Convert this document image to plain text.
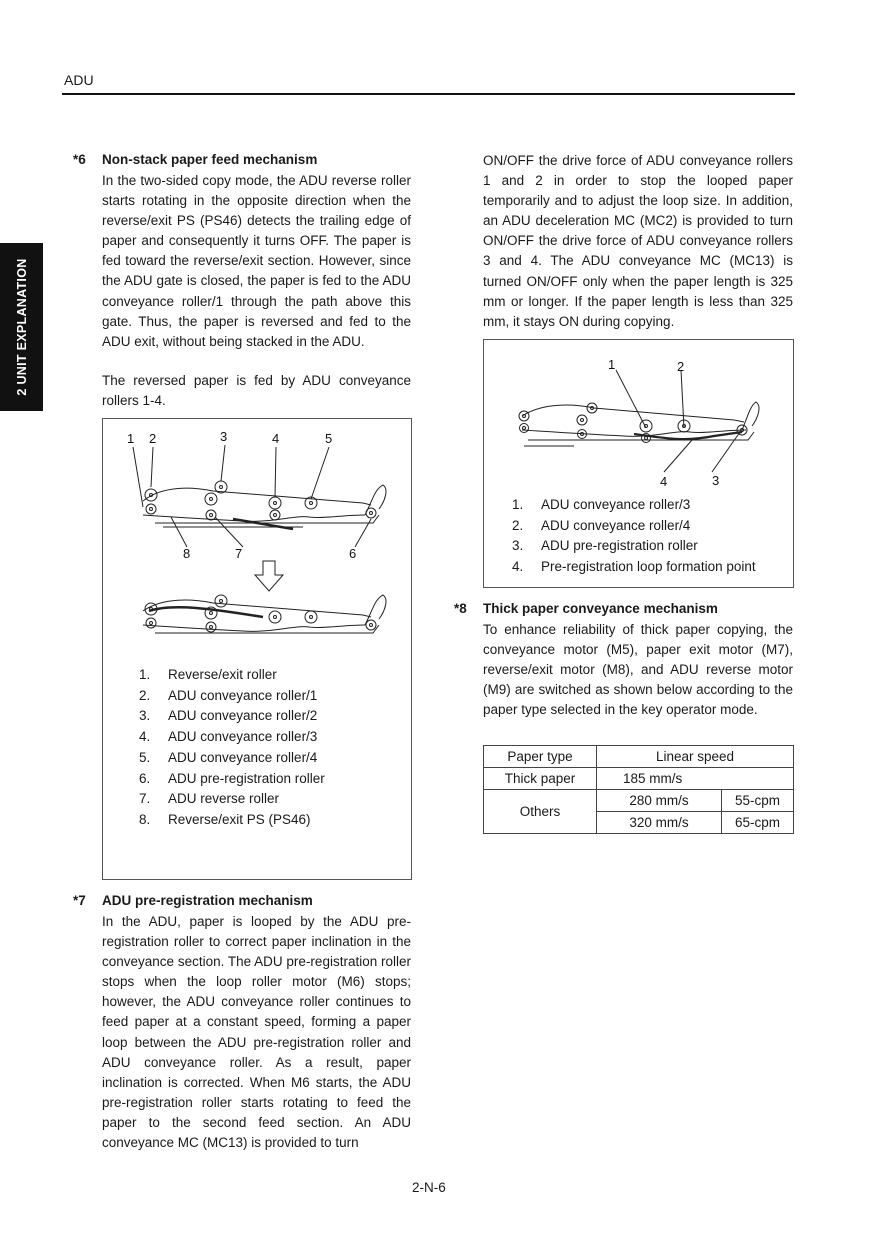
ADU
2 UNIT EXPLANATION
*6 Non-stack paper feed mechanism

In the two-sided copy mode, the ADU reverse roller starts rotating in the opposite direction when the reverse/exit PS (PS46) detects the trailing edge of paper and consequently it turns OFF. The paper is fed toward the reverse/exit section. However, since the ADU gate is closed, the paper is fed to the ADU conveyance roller/1 through the path above this gate. Thus, the paper is reversed and fed to the ADU exit, without being stacked in the ADU.

The reversed paper is fed by ADU conveyance rollers 1-4.

1 2	3	4	5
6
7
8
1.	Reverse/exit roller
2.	ADU conveyance roller/1
3.	ADU conveyance roller/2
4.	ADU conveyance roller/3
5.	ADU conveyance roller/4
6.	ADU pre-registration roller
7.	ADU reverse roller
8.	Reverse/exit PS (PS46)
*7 ADU pre-registration mechanism

In the ADU, paper is looped by the ADU pre-registration roller to correct paper inclination in the conveyance section. The ADU pre-registration roller stops when the loop roller motor (M6) stops; however, the ADU conveyance roller continues to feed paper at a constant speed, forming a paper loop between the ADU pre-registration roller and ADU conveyance roller. As a result, paper inclination is corrected. When M6 starts, the ADU pre-registration roller starts rotating to feed the paper to the second feed section. An ADU conveyance MC (MC13) is provided to turn

ON/OFF the drive force of ADU conveyance rollers 1 and 2 in order to stop the looped paper temporarily and to adjust the loop size. In addition, an ADU deceleration MC (MC2) is provided to turn ON/OFF the drive force of ADU conveyance rollers 3 and 4. The ADU conveyance MC (MC13) is turned ON/OFF only when the paper length is 325 mm or longer. If the paper length is less than 325 mm, it stays ON during copying.

1	2
4	3
1.	ADU conveyance roller/3
2.	ADU conveyance roller/4
3.	ADU pre-registration roller
4.	Pre-registration loop formation point
*8 Thick paper conveyance mechanism

To enhance reliability of thick paper copying, the conveyance motor (M5), paper exit motor (M7), reverse/exit motor (M8), and ADU reverse motor (M9) are switched as shown below according to the paper type selected in the key operator mode.

Paper type	Linear speed	
Thick paper	185 mm/s	
Others	280 mm/s	55-cpm
	320 mm/s	65-cpm
2-N-6
